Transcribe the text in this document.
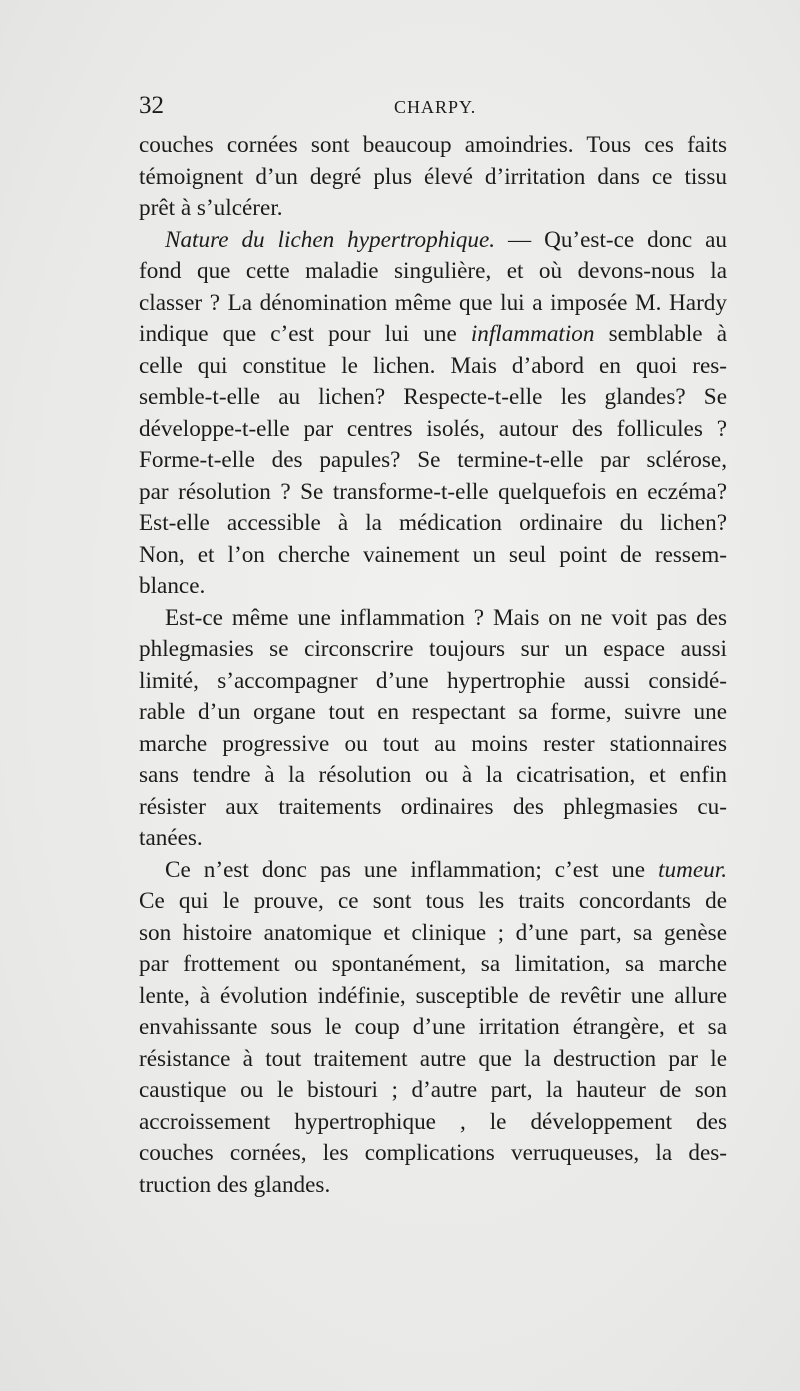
32	CHARPY.
couches cornées sont beaucoup amoindries. Tous ces faits
témoignent d’un degré plus élevé d’irritation dans ce tissu
prêt à s’ulcérer.
Nature du lichen hypertrophique. — Qu’est-ce donc au
fond que cette maladie singulière, et où devons-nous la
classer ? La dénomination même que lui a imposée M. Hardy
indique que c’est pour lui une inflammation semblable à
celle qui constitue le lichen. Mais d’abord en quoi res-
semble-t-elle au lichen? Respecte-t-elle les glandes? Se
développe-t-elle par centres isolés, autour des follicules ?
Forme-t-elle des papules? Se termine-t-elle par sclérose,
par résolution ? Se transforme-t-elle quelquefois en eczéma?
Est-elle accessible à la médication ordinaire du lichen?
Non, et l’on cherche vainement un seul point de ressem-
blance.
Est-ce même une inflammation ? Mais on ne voit pas des
phlegmasies se circonscrire toujours sur un espace aussi
limité, s’accompagner d’une hypertrophie aussi considé-
rable d’un organe tout en respectant sa forme, suivre une
marche progressive ou tout au moins rester stationnaires
sans tendre à la résolution ou à la cicatrisation, et enfin
résister aux traitements ordinaires des phlegmasies cu-
tanées.
Ce n’est donc pas une inflammation; c’est une tumeur.
Ce qui le prouve, ce sont tous les traits concordants de
son histoire anatomique et clinique ; d’une part, sa genèse
par frottement ou spontanément, sa limitation, sa marche
lente, à évolution indéfinie, susceptible de revêtir une allure
envahissante sous le coup d’une irritation étrangère, et sa
résistance à tout traitement autre que la destruction par le
caustique ou le bistouri ; d’autre part, la hauteur de son
accroissement hypertrophique , le développement des
couches cornées, les complications verruqueuses, la des-
truction des glandes.
